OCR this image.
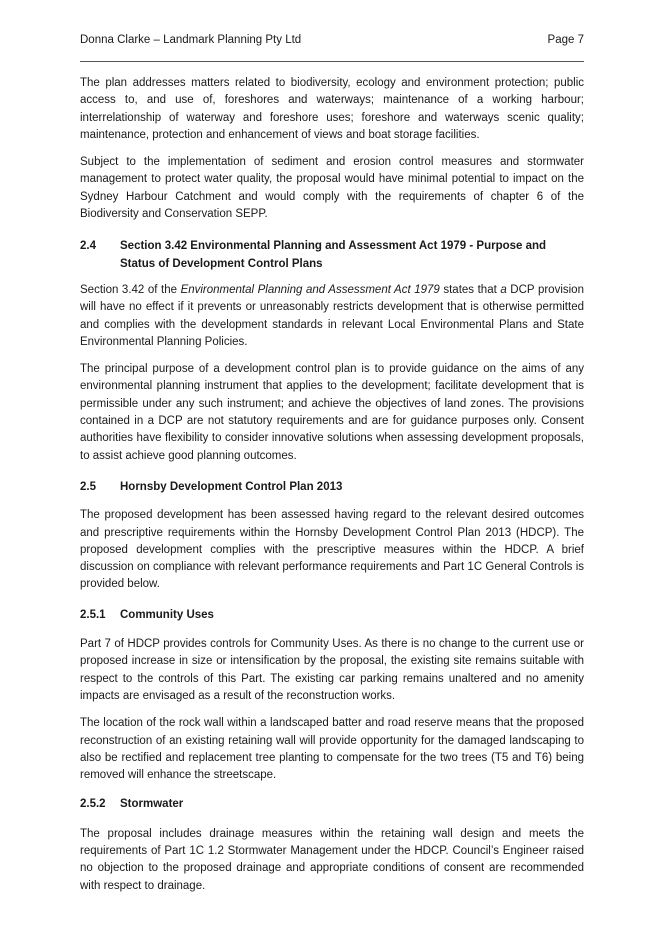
Donna Clarke – Landmark Planning Pty Ltd	Page 7

The plan addresses matters related to biodiversity, ecology and environment protection; public access to, and use of, foreshores and waterways; maintenance of a working harbour; interrelationship of waterway and foreshore uses; foreshore and waterways scenic quality; maintenance, protection and enhancement of views and boat storage facilities.

Subject to the implementation of sediment and erosion control measures and stormwater management to protect water quality, the proposal would have minimal potential to impact on the Sydney Harbour Catchment and would comply with the requirements of chapter 6 of the Biodiversity and Conservation SEPP.

2.4	Section 3.42 Environmental Planning and Assessment Act 1979 - Purpose and Status of Development Control Plans

Section 3.42 of the Environmental Planning and Assessment Act 1979 states that a DCP provision will have no effect if it prevents or unreasonably restricts development that is otherwise permitted and complies with the development standards in relevant Local Environmental Plans and State Environmental Planning Policies.

The principal purpose of a development control plan is to provide guidance on the aims of any environmental planning instrument that applies to the development; facilitate development that is permissible under any such instrument; and achieve the objectives of land zones. The provisions contained in a DCP are not statutory requirements and are for guidance purposes only. Consent authorities have flexibility to consider innovative solutions when assessing development proposals, to assist achieve good planning outcomes.

2.5	Hornsby Development Control Plan 2013

The proposed development has been assessed having regard to the relevant desired outcomes and prescriptive requirements within the Hornsby Development Control Plan 2013 (HDCP). The proposed development complies with the prescriptive measures within the HDCP. A brief discussion on compliance with relevant performance requirements and Part 1C General Controls is provided below.

2.5.1	Community Uses

Part 7 of HDCP provides controls for Community Uses. As there is no change to the current use or proposed increase in size or intensification by the proposal, the existing site remains suitable with respect to the controls of this Part. The existing car parking remains unaltered and no amenity impacts are envisaged as a result of the reconstruction works.

The location of the rock wall within a landscaped batter and road reserve means that the proposed reconstruction of an existing retaining wall will provide opportunity for the damaged landscaping to also be rectified and replacement tree planting to compensate for the two trees (T5 and T6) being removed will enhance the streetscape.

2.5.2	Stormwater

The proposal includes drainage measures within the retaining wall design and meets the requirements of Part 1C 1.2 Stormwater Management under the HDCP. Council’s Engineer raised no objection to the proposed drainage and appropriate conditions of consent are recommended with respect to drainage.
